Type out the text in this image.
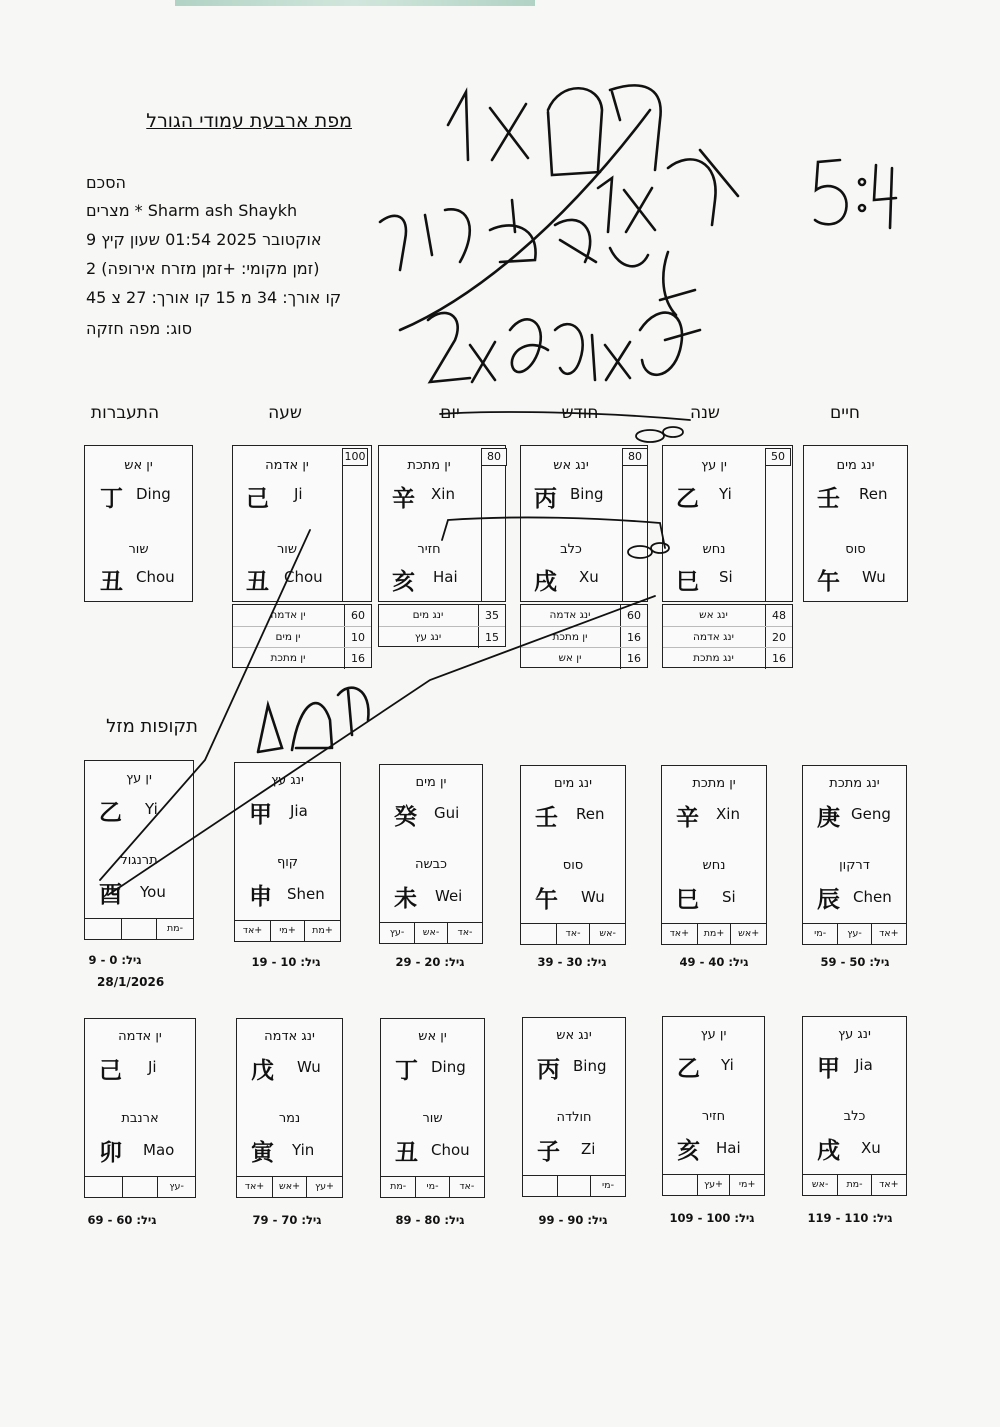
מפת ארבעת עמודי הגורל
הסכם
Sharm ash Shaykh * מצרים
אוקטובר 2025 01:54 שעון קיץ 9
(זמן מקומי: +זמן מזרח אירופה) 2
קו אורך: 34 מ 15 קו אורך: 27 צ 45
סוג: מפה חזקה
התעברות	שעה	יום	חודש	שנה	חיים
ין אש
丁 Ding
שור
丑 Chou
ין אדמה
己 Ji
שור
丑 Chou
100
ין אדמה	60
ין מים	10
ין מתכת	16
ין מתכת
辛 Xin
חזיר
亥 Hai
80
ינג מים	35
ינג עץ	15
ינג אש
丙 Bing
כלב
戌 Xu
80
ינג אדמה	60
ין מתכת	16
ין אש	16
ין עץ
乙 Yi
נחש
巳 Si
50
ינג אש	48
ינג אדמה	20
ינג מתכת	16
ינג מים
壬 Ren
סוס
午 Wu
תקופות מזל
ין עץ
乙 Yi
תרנגול
酉 You
-מת
ינג עץ
甲 Jia
קוף
申 Shen
+מת
+מי
+אד
ין מים
癸 Gui
כבשה
未 Wei
-אד
-אש
-עץ
ינג מים
壬 Ren
סוס
午 Wu
-אש
-אד
ין מתכת
辛 Xin
נחש
巳 Si
+אש
+מת
+אד
ינג מתכת
庚 Geng
דרקון
辰 Chen
+אד
-עץ
-מי
גיל: 0 - 9
28/1/2026
גיל: 10 - 19	גיל: 20 - 29	גיל: 30 - 39	גיל: 40 - 49	גיל: 50 - 59
ין אדמה
己 Ji
ארנבת
卯 Mao
-עץ
ינג אדמה
戊 Wu
נמר
寅 Yin
+עץ
+אש
+אד
ין אש
丁 Ding
שור
丑 Chou
-אד
-מי
-מת
ינג אש
丙 Bing
חולדה
子 Zi
-מי
ין עץ
乙 Yi
חזיר
亥 Hai
+מי
+עץ
ינג עץ
甲 Jia
כלב
戌 Xu
+אד
-מת
-אש
גיל: 60 - 69	גיל: 70 - 79	גיל: 80 - 89	גיל: 90 - 99	גיל: 100 - 109	גיל: 110 - 119
